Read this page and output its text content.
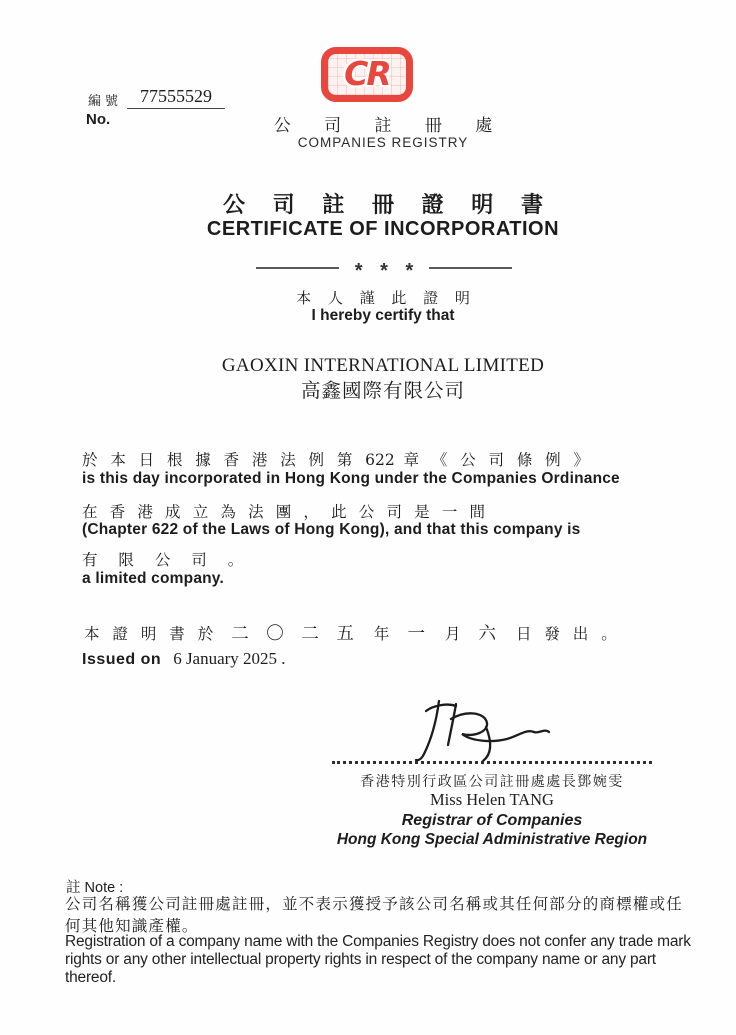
編號 77555529
No.
CR
公 司 註 冊 處
COMPANIES REGISTRY
公 司 註 冊 證 明 書
CERTIFICATE OF INCORPORATION
* * *
本 人 謹 此 證 明
I hereby certify that
GAOXIN INTERNATIONAL LIMITED
高鑫國際有限公司
於 本 日 根 據 香 港 法 例 第 622 章 《 公 司 條 例 》
is this day incorporated in Hong Kong under the Companies Ordinance
在 香 港 成 立 為 法 團 ， 此 公 司 是 一 間
(Chapter 622 of the Laws of Hong Kong), and that this company is
有 限 公 司 。
a limited company.
本 證 明 書 於 二 〇 二 五 年 一 月 六 日 發 出 。
Issued on 6 January 2025 .
香港特別行政區公司註冊處處長鄧婉雯
Miss Helen TANG
Registrar of Companies
Hong Kong Special Administrative Region
註 Note :
公司名稱獲公司註冊處註冊，並不表示獲授予該公司名稱或其任何部分的商標權或任何其他知識產權。
Registration of a company name with the Companies Registry does not confer any trade mark rights or any other intellectual property rights in respect of the company name or any part thereof.
